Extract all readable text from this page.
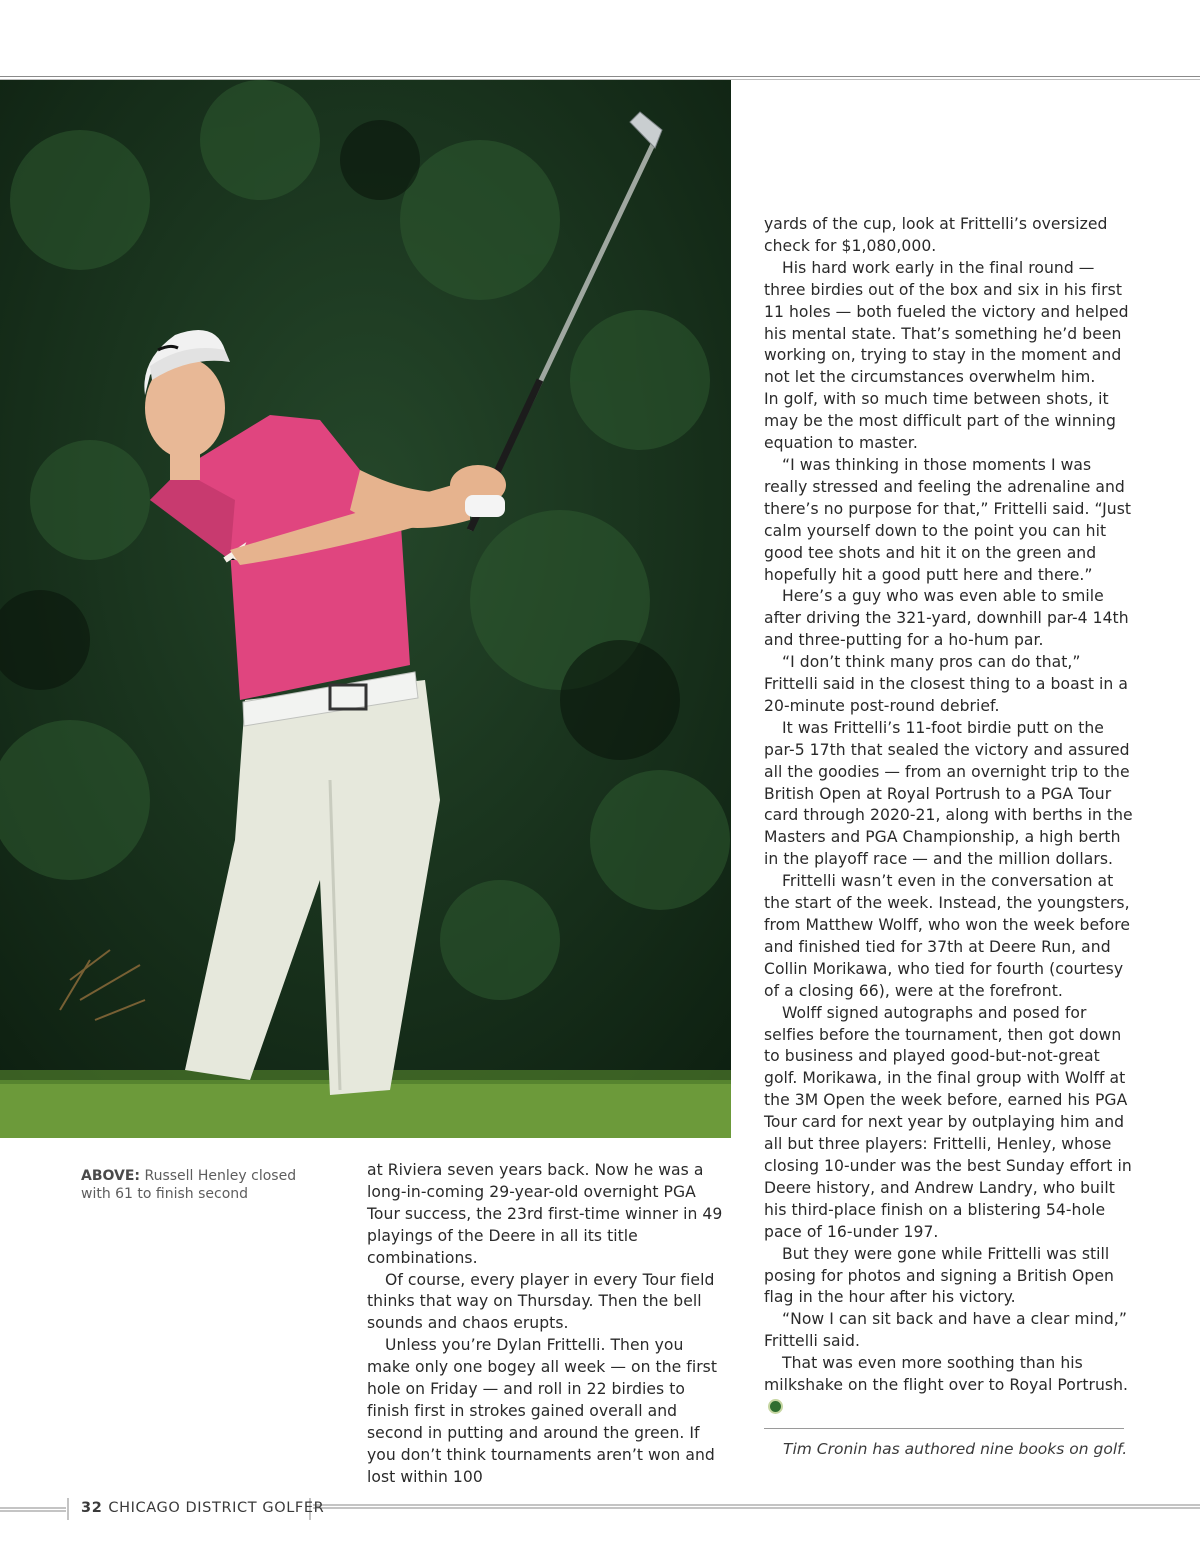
ABOVE: Russell Henley closed with 61 to finish second

at Riviera seven years back. Now he was a long-in-coming 29-year-old overnight PGA Tour success, the 23rd first-time winner in 49 playings of the Deere in all its title combinations.

Of course, every player in every Tour field thinks that way on Thursday. Then the bell sounds and chaos erupts.

Unless you’re Dylan Frittelli. Then you make only one bogey all week — on the first hole on Friday — and roll in 22 birdies to finish first in strokes gained overall and second in putting and around the green. If you don’t think tournaments aren’t won and lost within 100

yards of the cup, look at Frittelli’s oversized check for $1,080,000.

His hard work early in the final round — three birdies out of the box and six in his first 11 holes — both fueled the victory and helped his mental state. That’s something he’d been working on, trying to stay in the moment and not let the circumstances overwhelm him.

In golf, with so much time between shots, it may be the most difficult part of the winning equation to master.

“I was thinking in those moments I was really stressed and feeling the adrenaline and there’s no purpose for that,” Frittelli said. “Just calm yourself down to the point you can hit good tee shots and hit it on the green and hopefully hit a good putt here and there.”

Here’s a guy who was even able to smile after driving the 321-yard, downhill par-4 14th and three-putting for a ho-hum par.

“I don’t think many pros can do that,” Frittelli said in the closest thing to a boast in a 20-minute post-round debrief.

It was Frittelli’s 11-foot birdie putt on the par-5 17th that sealed the victory and assured all the goodies — from an overnight trip to the British Open at Royal Portrush to a PGA Tour card through 2020-21, along with berths in the Masters and PGA Championship, a high berth in the playoff race — and the million dollars.

Frittelli wasn’t even in the conversation at the start of the week. Instead, the youngsters, from Matthew Wolff, who won the week before and finished tied for 37th at Deere Run, and Collin Morikawa, who tied for fourth (courtesy of a closing 66), were at the forefront.

Wolff signed autographs and posed for selfies before the tournament, then got down to business and played good-but-not-great golf. Morikawa, in the final group with Wolff at the 3M Open the week before, earned his PGA Tour card for next year by outplaying him and all but three players: Frittelli, Henley, whose closing 10-under was the best Sunday effort in Deere history, and Andrew Landry, who built his third-place finish on a blistering 54-hole pace of 16-under 197.

But they were gone while Frittelli was still posing for photos and signing a British Open flag in the hour after his victory.

“Now I can sit back and have a clear mind,” Frittelli said.

That was even more soothing than his milkshake on the flight over to Royal Portrush.

Tim Cronin has authored nine books on golf.
32 CHICAGO DISTRICT GOLFER
